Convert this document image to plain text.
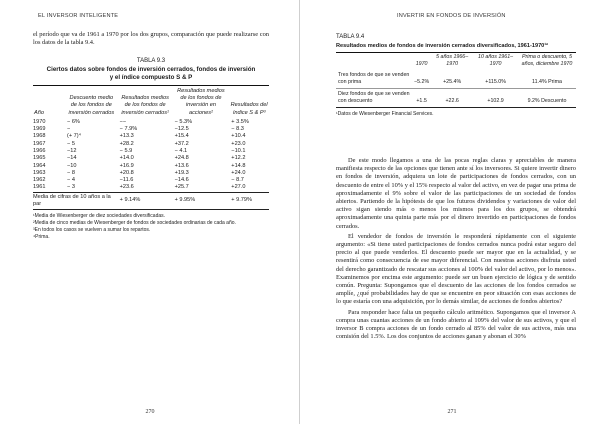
EL INVERSOR INTELIGENTE

el período que va de 1961 a 1970 por los dos grupos, comparación que puede realizarse con los datos de la tabla 9.4.

TABLA 9.3
Ciertos datos sobre fondos de inversión cerrados, fondos de inversión
y el índice compuesto S & P
Año	Descuento medio de los fondos de inversión cerrados	Resultados medios de los fondos de inversión cerrados¹	Resultados medios de los fondos de inversión en acciones²	Resultados del índice S & P³
1970	− 6%	−−	− 5.3%	+ 3.5%
1969	−	− 7.9%	−12.5	− 8.3
1968	(+ 7)⁴	+13.3	+15.4	+10.4
1967	− 5	+28.2	+37.2	+23.0
1966	−12	− 5.9	− 4.1	−10.1
1965	−14	+14.0	+24.8	+12.2
1964	−10	+16.9	+13.6	+14.8
1963	− 8	+20.8	+19.3	+24.0
1962	− 4	−11.6	−14.6	− 8.7
1961	− 3	+23.6	+25.7	+27.0
Media de cifras de 10 años a la par		+ 9.14%	+ 9.95%	+ 9.79%
¹Media de Wiesenberger de diez sociedades diversificadas.
²Media de cinco medias de Wiesenberger de fondos de sociedades ordinarias de cada año.
³En todos los casos se vuelven a sumar los repartos.
⁴Prima.
270
INVERTIR EN FONDOS DE INVERSIÓN
271
TABLA 9.4
Resultados medios de fondos de inversión cerrados diversificados, 1961-1970¹²
	1970	5 años 1966–1970	10 años 1961–1970	Prima o descuento, 5 años, diciembre 1970
Tres fondos de que se venden con prima	−5.2%	+25.4%	+115.0%	11.4% Prima
Diez fondos de que se venden con descuento	+1.5	+22.6	+102.9	9.2% Descuento
¹Datos de Wiesenberger Financial Services.

De este modo llegamos a una de las pocas reglas claras y apreciables de manera manifiesta respecto de las opciones que tienen ante sí los inversores. Si quiere invertir dinero en fondos de inversión, adquiera un lote de participaciones de fondos cerrados, con un descuento de entre el 10% y el 15% respecto al valor del activo, en vez de pagar una prima de aproximadamente el 9% sobre el valor de las participaciones de un sociedad de fondos abiertos. Partiendo de la hipótesis de que los futuros dividendos y variaciones de valor del activo sigan siendo más o menos los mismos para los dos grupos, se obtendrá aproximadamente una quinta parte más por el dinero invertido en participaciones de fondos cerrados.

El vendedor de fondos de inversión le responderá rápidamente con el siguiente argumento: «Si tiene usted participaciones de fondos cerrados nunca podrá estar seguro del precio al que puede venderlos. El descuento puede ser mayor que en la actualidad, y se resentirá como consecuencia de ese mayor diferencial. Con nuestras acciones disfruta usted del derecho garantizado de rescatar sus acciones al 100% del valor del activo, por lo menos». Examinemos por encima este argumento: puede ser un buen ejercicio de lógica y de sentido común. Pregunta: Supongamos que el descuento de las acciones de los fondos cerrados se amplíe, ¿qué probabilidades hay de que se encuentre en peor situación con esas acciones de lo que estaría con una adquisición, por lo demás similar, de acciones de fondos abiertos?

Para responder hace falta un pequeño cálculo aritmético. Supongamos que el inversor A compra unas cuantas acciones de un fondo abierto al 109% del valor de sus activos, y que el inversor B compra acciones de un fondo cerrado al 85% del valor de sus activos, más una comisión del 1.5%. Los dos conjuntos de acciones ganan y abonan el 30%
